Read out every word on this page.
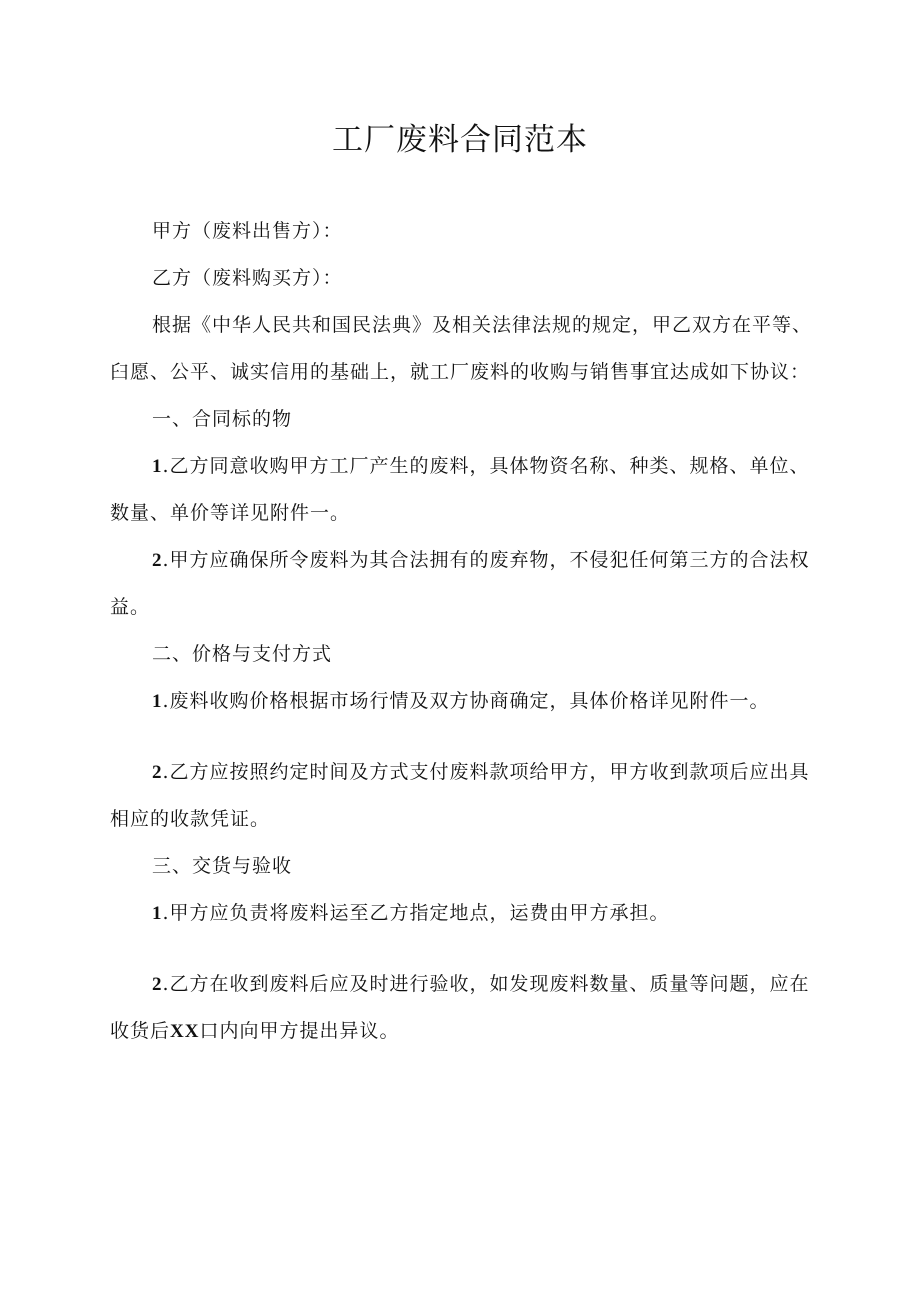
工厂废料合同范本

甲方（废料出售方）：

乙方（废料购买方）：

根据《中华人民共和国民法典》及相关法律法规的规定，甲乙双方在平等、臼愿、公平、诚实信用的基础上，就工厂废料的收购与销售事宜达成如下协议：

一、合同标的物

1.乙方同意收购甲方工厂产生的废料，具体物资名称、种类、规格、单位、数量、单价等详见附件一。

2.甲方应确保所令废料为其合法拥有的废弃物，不侵犯任何第三方的合法权益。

二、价格与支付方式

1.废料收购价格根据市场行情及双方协商确定，具体价格详见附件一。

2.乙方应按照约定时间及方式支付废料款项给甲方，甲方收到款项后应出具相应的收款凭证。

三、交货与验收

1.甲方应负责将废料运至乙方指定地点，运费由甲方承担。

2.乙方在收到废料后应及时进行验收，如发现废料数量、质量等问题，应在收货后XX口内向甲方提出异议。
